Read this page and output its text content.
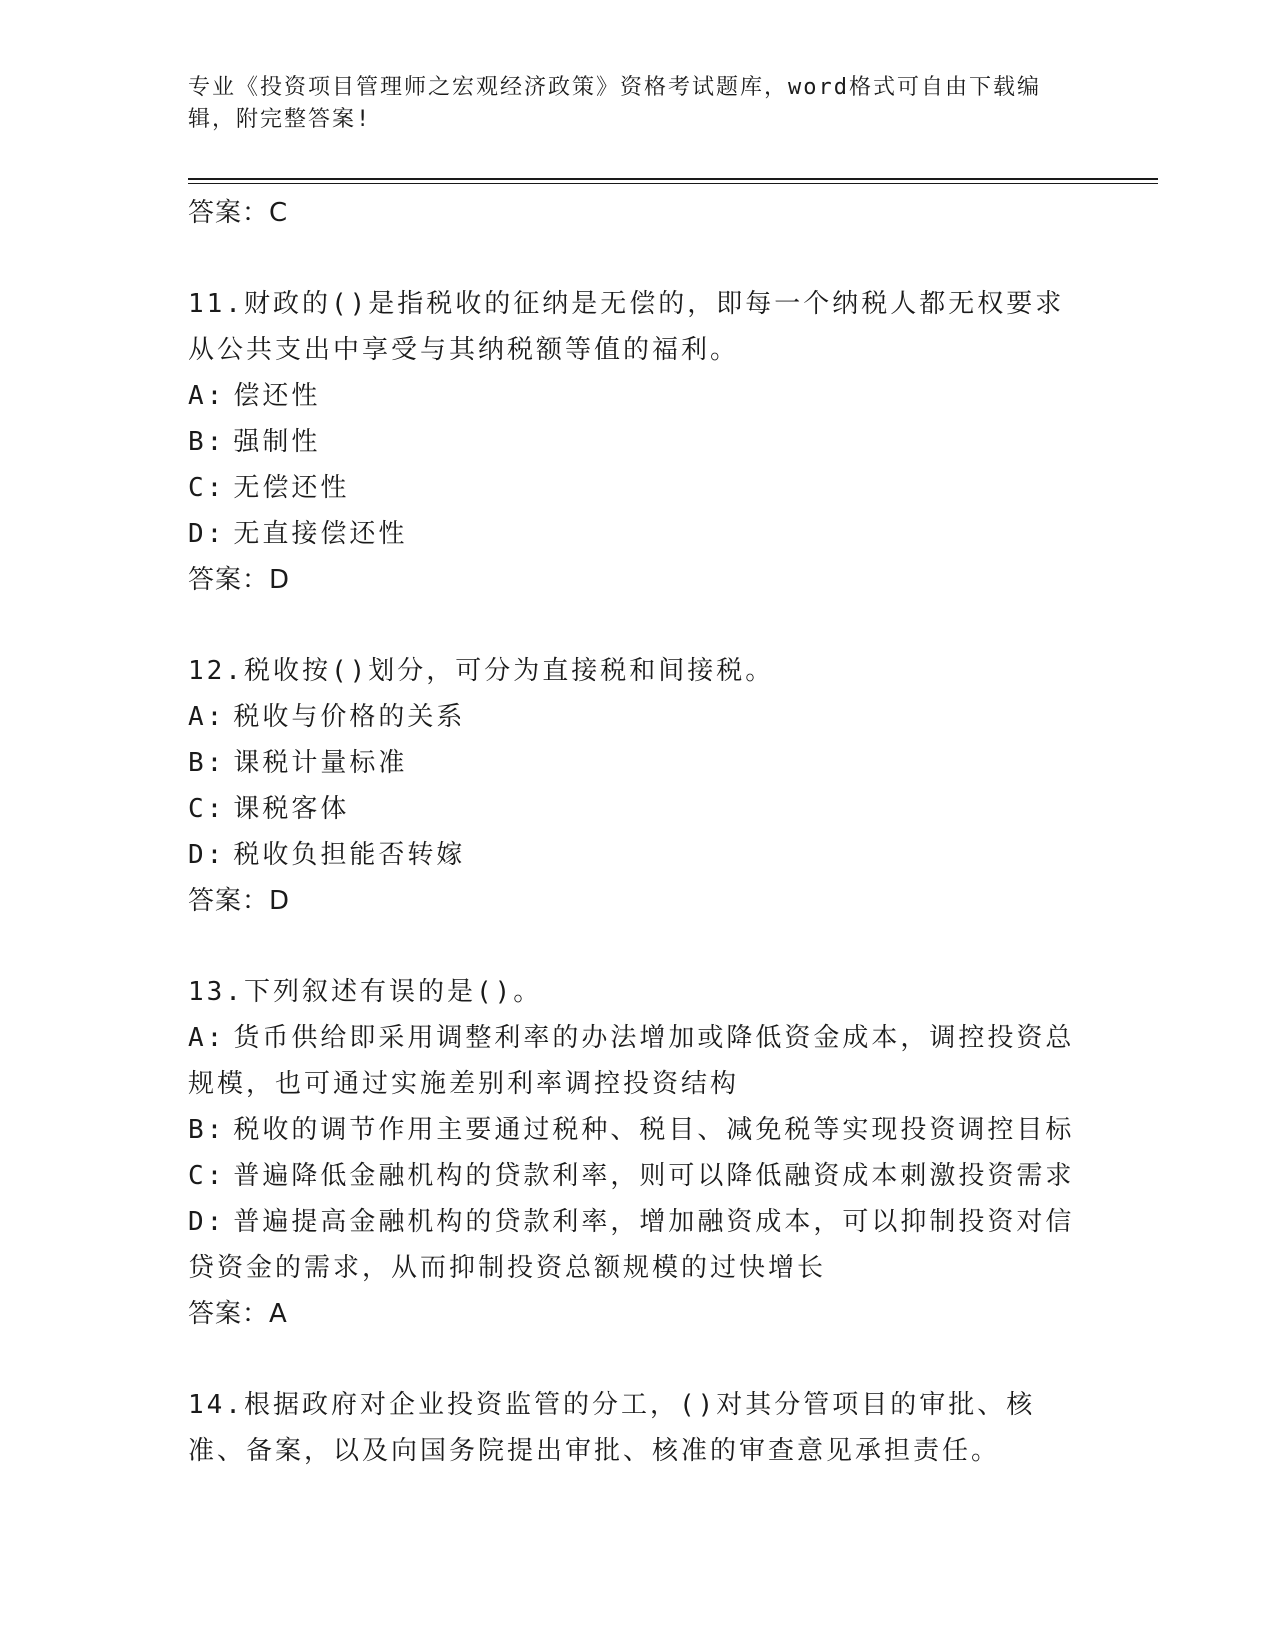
专业《投资项目管理师之宏观经济政策》资格考试题库，word格式可自由下载编辑，附完整答案!
答案：C
11.财政的()是指税收的征纳是无偿的，即每一个纳税人都无权要求从公共支出中享受与其纳税额等值的福利。
A: 偿还性
B: 强制性
C: 无偿还性
D: 无直接偿还性
答案：D
12.税收按()划分，可分为直接税和间接税。
A: 税收与价格的关系
B: 课税计量标准
C: 课税客体
D: 税收负担能否转嫁
答案：D
13.下列叙述有误的是()。
A: 货币供给即采用调整利率的办法增加或降低资金成本，调控投资总规模，也可通过实施差别利率调控投资结构
B: 税收的调节作用主要通过税种、税目、减免税等实现投资调控目标
C: 普遍降低金融机构的贷款利率，则可以降低融资成本刺激投资需求
D: 普遍提高金融机构的贷款利率，增加融资成本，可以抑制投资对信贷资金的需求，从而抑制投资总额规模的过快增长
答案：A
14.根据政府对企业投资监管的分工，()对其分管项目的审批、核准、备案，以及向国务院提出审批、核准的审查意见承担责任。
